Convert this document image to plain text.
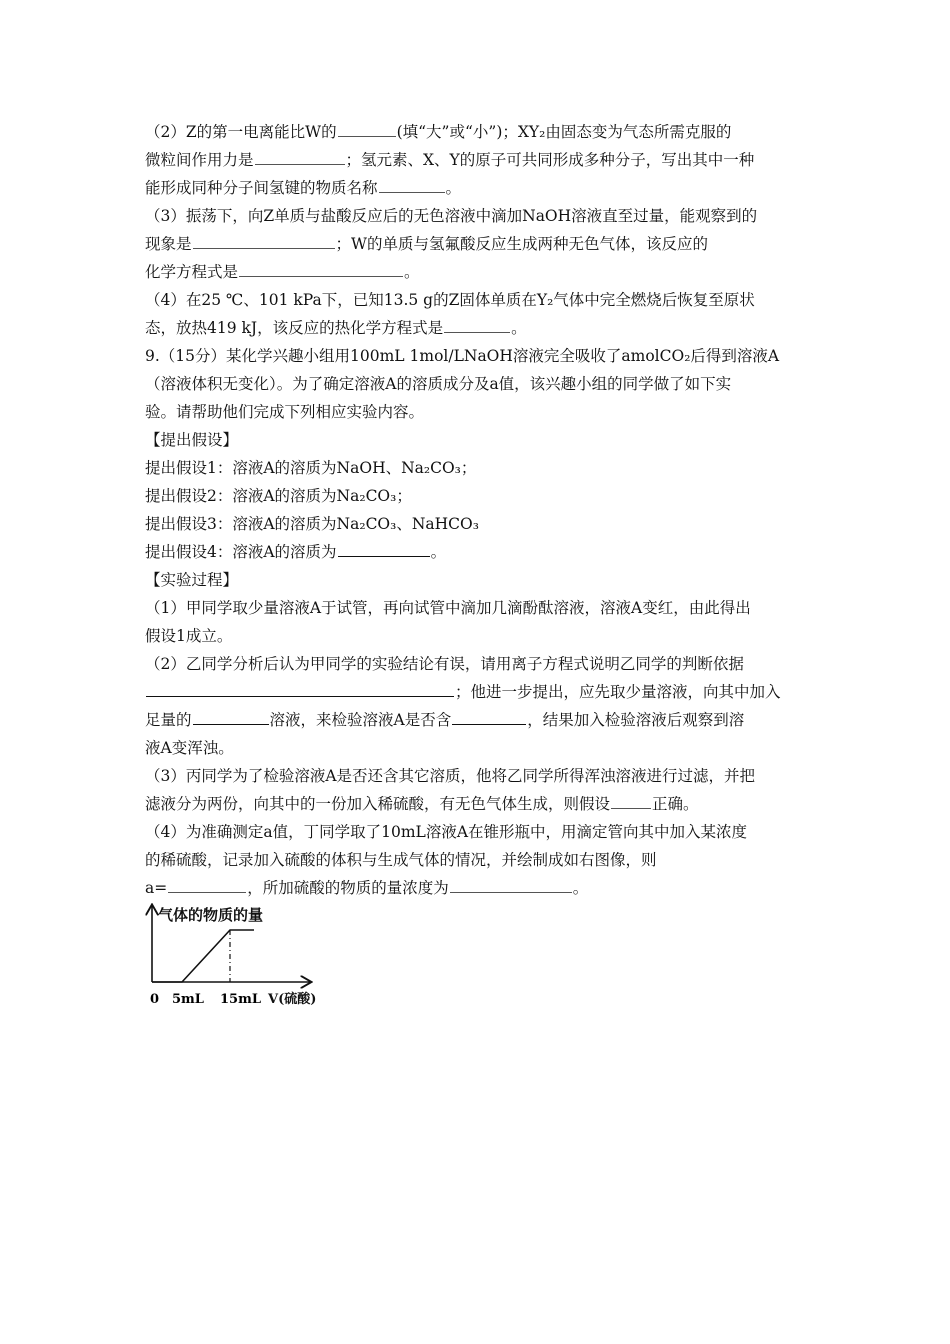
（2）Z的第一电离能比W的	(填“大”或“小”)；XY₂由固态变为气态所需克服的
微粒间作用力是	；氢元素、X、Y的原子可共同形成多种分子，写出其中一种
能形成同种分子间氢键的物质名称	。
（3）振荡下，向Z单质与盐酸反应后的无色溶液中滴加NaOH溶液直至过量，能观察到的
现象是	；W的单质与氢氟酸反应生成两种无色气体，该反应的
化学方程式是	。
（4）在25 ℃、101 kPa下，已知13.5 g的Z固体单质在Y₂气体中完全燃烧后恢复至原状
态，放热419 kJ，该反应的热化学方程式是	。
9.（15分）某化学兴趣小组用100mL 1mol/LNaOH溶液完全吸收了amolCO₂后得到溶液A
（溶液体积无变化）。为了确定溶液A的溶质成分及a值，该兴趣小组的同学做了如下实
验。请帮助他们完成下列相应实验内容。
【提出假设】
提出假设1：溶液A的溶质为NaOH、Na₂CO₃；
提出假设2：溶液A的溶质为Na₂CO₃；
提出假设3：溶液A的溶质为Na₂CO₃、NaHCO₃
提出假设4：溶液A的溶质为	。
【实验过程】
（1）甲同学取少量溶液A于试管，再向试管中滴加几滴酚酞溶液，溶液A变红，由此得出
假设1成立。
（2）乙同学分析后认为甲同学的实验结论有误，请用离子方程式说明乙同学的判断依据
；他进一步提出，应先取少量溶液，向其中加入
足量的	溶液，来检验溶液A是否含	，结果加入检验溶液后观察到溶
液A变浑浊。
（3）丙同学为了检验溶液A是否还含其它溶质，他将乙同学所得浑浊溶液进行过滤，并把
滤液分为两份，向其中的一份加入稀硫酸，有无色气体生成，则假设	正确。
（4）为准确测定a值，丁同学取了10mL溶液A在锥形瓶中，用滴定管向其中加入某浓度
的稀硫酸，记录加入硫酸的体积与生成气体的情况，并绘制成如右图像，则
a=	，所加硫酸的物质的量浓度为	。
气体的物质的量
0 5mL 15mL V(硫酸)
